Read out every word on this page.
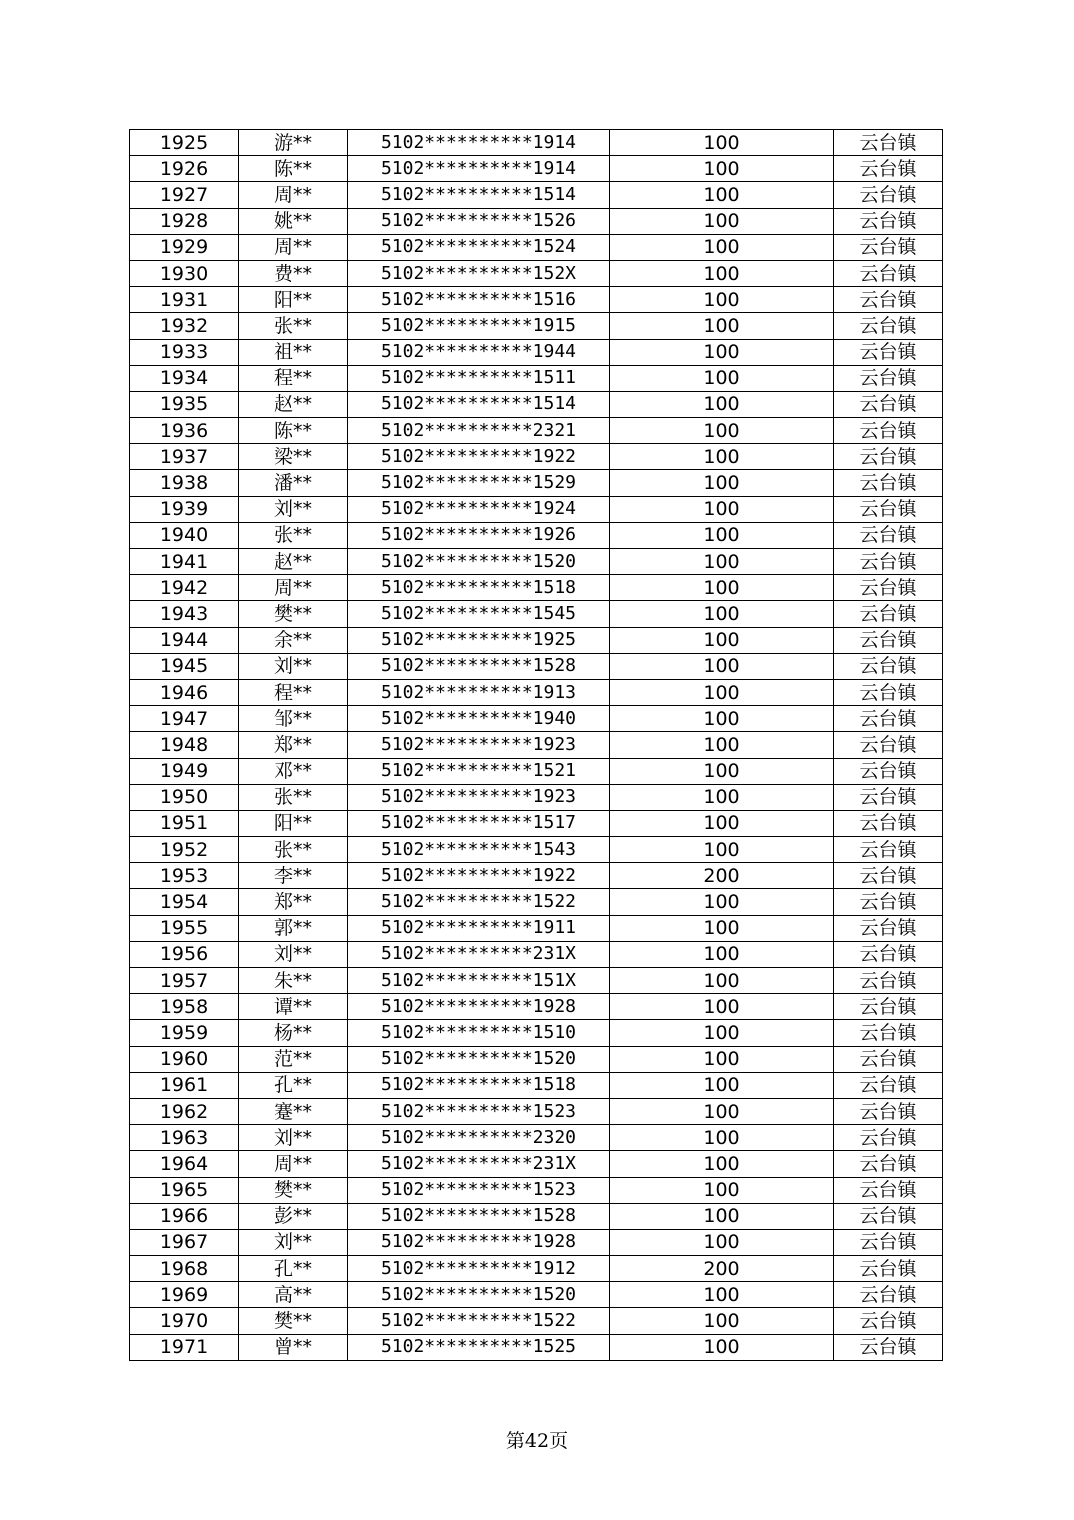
1925	游**	5102**********1914	100	云台镇
1926	陈**	5102**********1914	100	云台镇
1927	周**	5102**********1514	100	云台镇
1928	姚**	5102**********1526	100	云台镇
1929	周**	5102**********1524	100	云台镇
1930	费**	5102**********152X	100	云台镇
1931	阳**	5102**********1516	100	云台镇
1932	张**	5102**********1915	100	云台镇
1933	祖**	5102**********1944	100	云台镇
1934	程**	5102**********1511	100	云台镇
1935	赵**	5102**********1514	100	云台镇
1936	陈**	5102**********2321	100	云台镇
1937	梁**	5102**********1922	100	云台镇
1938	潘**	5102**********1529	100	云台镇
1939	刘**	5102**********1924	100	云台镇
1940	张**	5102**********1926	100	云台镇
1941	赵**	5102**********1520	100	云台镇
1942	周**	5102**********1518	100	云台镇
1943	樊**	5102**********1545	100	云台镇
1944	余**	5102**********1925	100	云台镇
1945	刘**	5102**********1528	100	云台镇
1946	程**	5102**********1913	100	云台镇
1947	邹**	5102**********1940	100	云台镇
1948	郑**	5102**********1923	100	云台镇
1949	邓**	5102**********1521	100	云台镇
1950	张**	5102**********1923	100	云台镇
1951	阳**	5102**********1517	100	云台镇
1952	张**	5102**********1543	100	云台镇
1953	李**	5102**********1922	200	云台镇
1954	郑**	5102**********1522	100	云台镇
1955	郭**	5102**********1911	100	云台镇
1956	刘**	5102**********231X	100	云台镇
1957	朱**	5102**********151X	100	云台镇
1958	谭**	5102**********1928	100	云台镇
1959	杨**	5102**********1510	100	云台镇
1960	范**	5102**********1520	100	云台镇
1961	孔**	5102**********1518	100	云台镇
1962	蹇**	5102**********1523	100	云台镇
1963	刘**	5102**********2320	100	云台镇
1964	周**	5102**********231X	100	云台镇
1965	樊**	5102**********1523	100	云台镇
1966	彭**	5102**********1528	100	云台镇
1967	刘**	5102**********1928	100	云台镇
1968	孔**	5102**********1912	200	云台镇
1969	高**	5102**********1520	100	云台镇
1970	樊**	5102**********1522	100	云台镇
1971	曾**	5102**********1525	100	云台镇
第42页
